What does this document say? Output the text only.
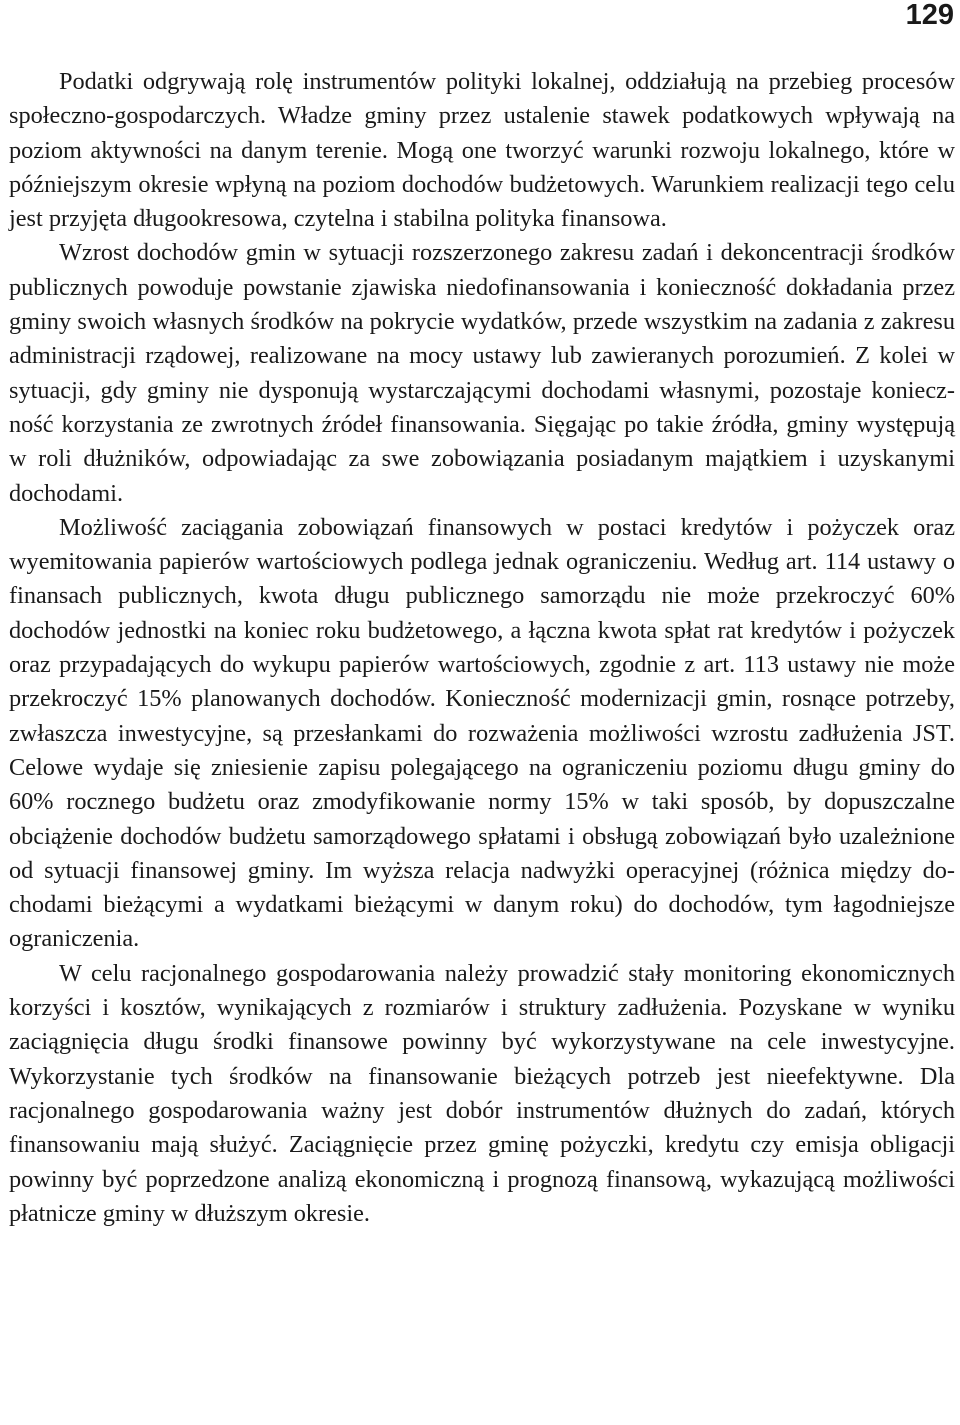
129

Podatki odgrywają rolę instrumentów polityki lokalnej, oddziałują na przebieg procesów społeczno-gospodarczych. Władze gminy przez ustalenie stawek podatkowych wpływają na poziom aktywności na danym terenie. Mogą one tworzyć warunki rozwoju lokalnego, które w późniejszym okresie wpłyną na poziom dochodów budżetowych. Warunkiem realizacji tego celu jest przyjęta długookresowa, czytelna i stabilna polityka finansowa.

Wzrost dochodów gmin w sytuacji rozszerzonego zakresu zadań i dekoncentracji środków publicznych powoduje powstanie zjawiska niedofinansowania i konieczność dokładania przez gminy swoich własnych środków na pokrycie wydatków, przede wszystkim na zadania z zakresu administracji rządowej, realizowane na mocy ustawy lub zawieranych porozumień. Z kolei w sytuacji, gdy gminy nie dysponują wystarczającymi dochodami własnymi, pozostaje konieczność korzystania ze zwrotnych źródeł finansowania. Sięgając po takie źródła, gminy występują w roli dłużników, odpowiadając za swe zobowiązania posiadanym majątkiem i uzyskanymi dochodami.

Możliwość zaciągania zobowiązań finansowych w postaci kredytów i pożyczek oraz wyemitowania papierów wartościowych podlega jednak ograniczeniu. Według art. 114 ustawy o finansach publicznych, kwota długu publicznego samorządu nie może przekroczyć 60% dochodów jednostki na koniec roku budżetowego, a łączna kwota spłat rat kredytów i pożyczek oraz przypadających do wykupu papierów wartościowych, zgodnie z art. 113 ustawy nie może przekroczyć 15% planowanych dochodów. Konieczność modernizacji gmin, rosnące potrzeby, zwłaszcza inwestycyjne, są przesłankami do rozważenia możliwości wzrostu zadłużenia JST. Celowe wydaje się zniesienie zapisu polegającego na ograniczeniu poziomu długu gminy do 60% rocznego budżetu oraz zmodyfikowanie normy 15% w taki sposób, by dopuszczalne obciążenie dochodów budżetu samorządowego spłatami i obsługą zobowiązań było uzależnione od sytuacji finansowej gminy. Im wyższa relacja nadwyżki operacyjnej (różnica między dochodami bieżącymi a wydatkami bieżącymi w danym roku) do dochodów, tym łagodniejsze ograniczenia.

W celu racjonalnego gospodarowania należy prowadzić stały monitoring ekonomicznych korzyści i kosztów, wynikających z rozmiarów i struktury zadłużenia. Pozyskane w wyniku zaciągnięcia długu środki finansowe powinny być wykorzystywane na cele inwestycyjne. Wykorzystanie tych środków na finansowanie bieżących potrzeb jest nieefektywne. Dla racjonalnego gospodarowania ważny jest dobór instrumentów dłużnych do zadań, których finansowaniu mają służyć. Zaciągnięcie przez gminę pożyczki, kredytu czy emisja obligacji powinny być poprzedzone analizą ekonomiczną i prognozą finansową, wykazującą możliwości płatnicze gminy w dłuższym okresie.
